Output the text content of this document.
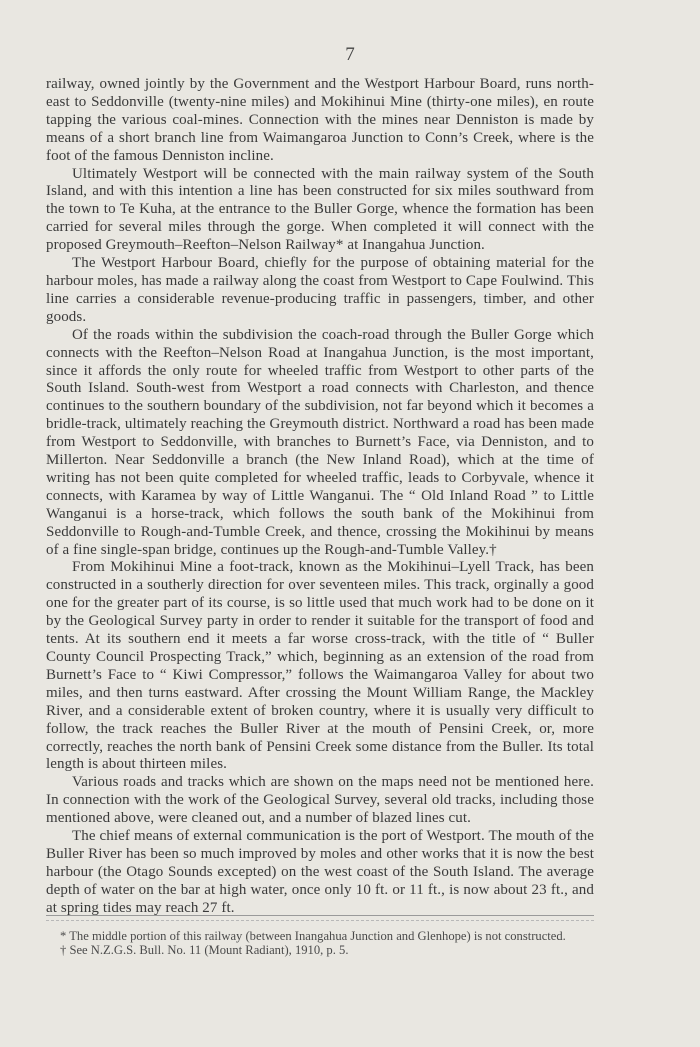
7

railway, owned jointly by the Government and the Westport Harbour Board, runs north-east to Seddonville (twenty-nine miles) and Mokihinui Mine (thirty-one miles), en route tapping the various coal-mines. Connection with the mines near Denniston is made by means of a short branch line from Waimangaroa Junction to Conn’s Creek, where is the foot of the famous Denniston incline.

Ultimately Westport will be connected with the main railway system of the South Island, and with this intention a line has been constructed for six miles southward from the town to Te Kuha, at the entrance to the Buller Gorge, whence the formation has been carried for several miles through the gorge. When completed it will connect with the proposed Greymouth–Reefton–Nelson Railway* at Inangahua Junction.

The Westport Harbour Board, chiefly for the purpose of obtaining material for the harbour moles, has made a railway along the coast from Westport to Cape Foulwind. This line carries a considerable revenue-producing traffic in passengers, timber, and other goods.

Of the roads within the subdivision the coach-road through the Buller Gorge which connects with the Reefton–Nelson Road at Inangahua Junction, is the most important, since it affords the only route for wheeled traffic from Westport to other parts of the South Island. South-west from Westport a road connects with Charleston, and thence continues to the southern boundary of the subdivision, not far beyond which it becomes a bridle-track, ultimately reaching the Greymouth district. Northward a road has been made from Westport to Seddonville, with branches to Burnett’s Face, via Denniston, and to Millerton. Near Seddonville a branch (the New Inland Road), which at the time of writing has not been quite completed for wheeled traffic, leads to Corbyvale, whence it connects, with Karamea by way of Little Wanganui. The “ Old Inland Road ” to Little Wanganui is a horse-track, which follows the south bank of the Mokihinui from Seddonville to Rough-and-Tumble Creek, and thence, crossing the Mokihinui by means of a fine single-span bridge, continues up the Rough-and-Tumble Valley.†

From Mokihinui Mine a foot-track, known as the Mokihinui–Lyell Track, has been constructed in a southerly direction for over seventeen miles. This track, orginally a good one for the greater part of its course, is so little used that much work had to be done on it by the Geological Survey party in order to render it suitable for the transport of food and tents. At its southern end it meets a far worse cross-track, with the title of “ Buller County Council Prospecting Track,” which, beginning as an extension of the road from Burnett’s Face to “ Kiwi Compressor,” follows the Waimangaroa Valley for about two miles, and then turns eastward. After crossing the Mount William Range, the Mackley River, and a considerable extent of broken country, where it is usually very difficult to follow, the track reaches the Buller River at the mouth of Pensini Creek, or, more correctly, reaches the north bank of Pensini Creek some distance from the Buller. Its total length is about thirteen miles.

Various roads and tracks which are shown on the maps need not be mentioned here. In connection with the work of the Geological Survey, several old tracks, including those mentioned above, were cleaned out, and a number of blazed lines cut.

The chief means of external communication is the port of Westport. The mouth of the Buller River has been so much improved by moles and other works that it is now the best harbour (the Otago Sounds excepted) on the west coast of the South Island. The average depth of water on the bar at high water, once only 10 ft. or 11 ft., is now about 23 ft., and at spring tides may reach 27 ft.

* The middle portion of this railway (between Inangahua Junction and Glenhope) is not constructed.
† See N.Z.G.S. Bull. No. 11 (Mount Radiant), 1910, p. 5.
